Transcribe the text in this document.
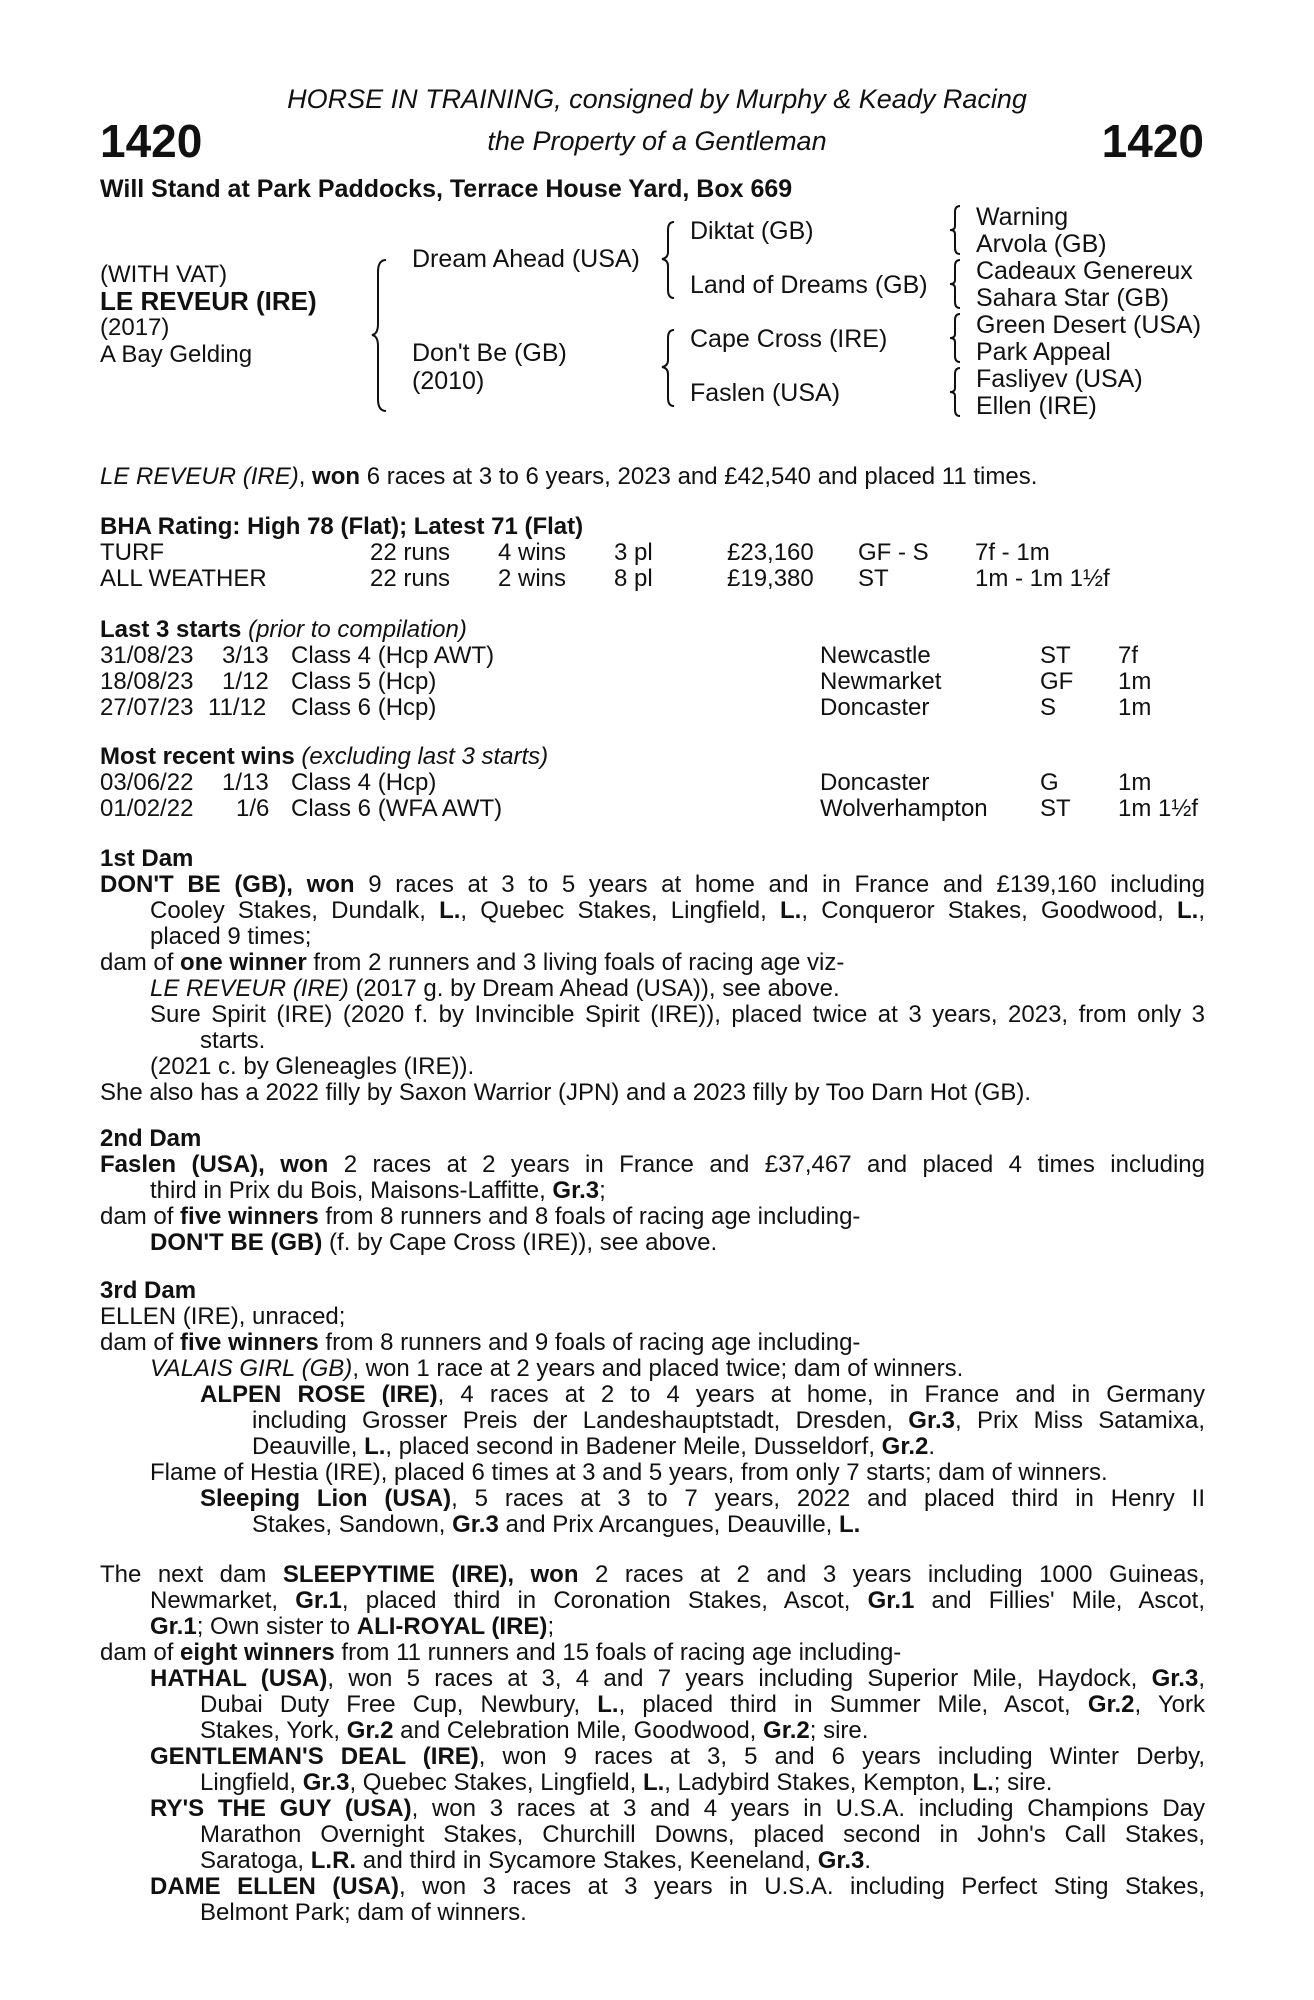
1420	1420
HORSE IN TRAINING, consigned by Murphy & Keady Racing
the Property of a Gentleman
Will Stand at Park Paddocks, Terrace House Yard, Box 669
(WITH VAT)
LE REVEUR (IRE)
(2017)
A Bay Gelding
Dream Ahead (USA)
Don't Be (GB)
(2010)
Diktat (GB)
Land of Dreams (GB)
Cape Cross (IRE)
Faslen (USA)
Warning
Arvola (GB)
Cadeaux Genereux
Sahara Star (GB)
Green Desert (USA)
Park Appeal
Fasliyev (USA)
Ellen (IRE)
LE REVEUR (IRE), won 6 races at 3 to 6 years, 2023 and £42,540 and placed 11 times.
BHA Rating: High 78 (Flat); Latest 71 (Flat)
TURF	22 runs 4 wins 3 pl	£23,160 GF - S 7f - 1m
ALL WEATHER	22 runs 2 wins 8 pl	£19,380 ST	1m - 1m 1½f
Last 3 starts (prior to compilation)
31/08/23 3/13 Class 4 (Hcp AWT)	Newcastle	ST 7f
18/08/23 1/12 Class 5 (Hcp)	Newmarket	GF 1m
27/07/23 11/12 Class 6 (Hcp)	Doncaster	S	1m
Most recent wins (excluding last 3 starts)
03/06/22 1/13 Class 4 (Hcp)	Doncaster	G 1m
01/02/22 1/6 Class 6 (WFA AWT)	Wolverhampton ST 1m 1½f
1st Dam
DON'T BE (GB), won 9 races at 3 to 5 years at home and in France and £139,160 including
Cooley Stakes, Dundalk, L., Quebec Stakes, Lingfield, L., Conqueror Stakes, Goodwood, L.,
placed 9 times;
dam of one winner from 2 runners and 3 living foals of racing age viz-
LE REVEUR (IRE) (2017 g. by Dream Ahead (USA)), see above.
Sure Spirit (IRE) (2020 f. by Invincible Spirit (IRE)), placed twice at 3 years, 2023, from only 3
starts.
(2021 c. by Gleneagles (IRE)).
She also has a 2022 filly by Saxon Warrior (JPN) and a 2023 filly by Too Darn Hot (GB).
2nd Dam
Faslen (USA), won 2 races at 2 years in France and £37,467 and placed 4 times including
third in Prix du Bois, Maisons-Laffitte, Gr.3;
dam of five winners from 8 runners and 8 foals of racing age including-
DON'T BE (GB) (f. by Cape Cross (IRE)), see above.
3rd Dam
ELLEN (IRE), unraced;
dam of five winners from 8 runners and 9 foals of racing age including-
VALAIS GIRL (GB), won 1 race at 2 years and placed twice; dam of winners.
ALPEN ROSE (IRE), 4 races at 2 to 4 years at home, in France and in Germany
including Grosser Preis der Landeshauptstadt, Dresden, Gr.3, Prix Miss Satamixa,
Deauville, L., placed second in Badener Meile, Dusseldorf, Gr.2.
Flame of Hestia (IRE), placed 6 times at 3 and 5 years, from only 7 starts; dam of winners.
Sleeping Lion (USA), 5 races at 3 to 7 years, 2022 and placed third in Henry II
Stakes, Sandown, Gr.3 and Prix Arcangues, Deauville, L.
The next dam SLEEPYTIME (IRE), won 2 races at 2 and 3 years including 1000 Guineas,
Newmarket, Gr.1, placed third in Coronation Stakes, Ascot, Gr.1 and Fillies' Mile, Ascot,
Gr.1; Own sister to ALI-ROYAL (IRE);
dam of eight winners from 11 runners and 15 foals of racing age including-
HATHAL (USA), won 5 races at 3, 4 and 7 years including Superior Mile, Haydock, Gr.3,
Dubai Duty Free Cup, Newbury, L., placed third in Summer Mile, Ascot, Gr.2, York
Stakes, York, Gr.2 and Celebration Mile, Goodwood, Gr.2; sire.
GENTLEMAN'S DEAL (IRE), won 9 races at 3, 5 and 6 years including Winter Derby,
Lingfield, Gr.3, Quebec Stakes, Lingfield, L., Ladybird Stakes, Kempton, L.; sire.
RY'S THE GUY (USA), won 3 races at 3 and 4 years in U.S.A. including Champions Day
Marathon Overnight Stakes, Churchill Downs, placed second in John's Call Stakes,
Saratoga, L.R. and third in Sycamore Stakes, Keeneland, Gr.3.
DAME ELLEN (USA), won 3 races at 3 years in U.S.A. including Perfect Sting Stakes,
Belmont Park; dam of winners.
